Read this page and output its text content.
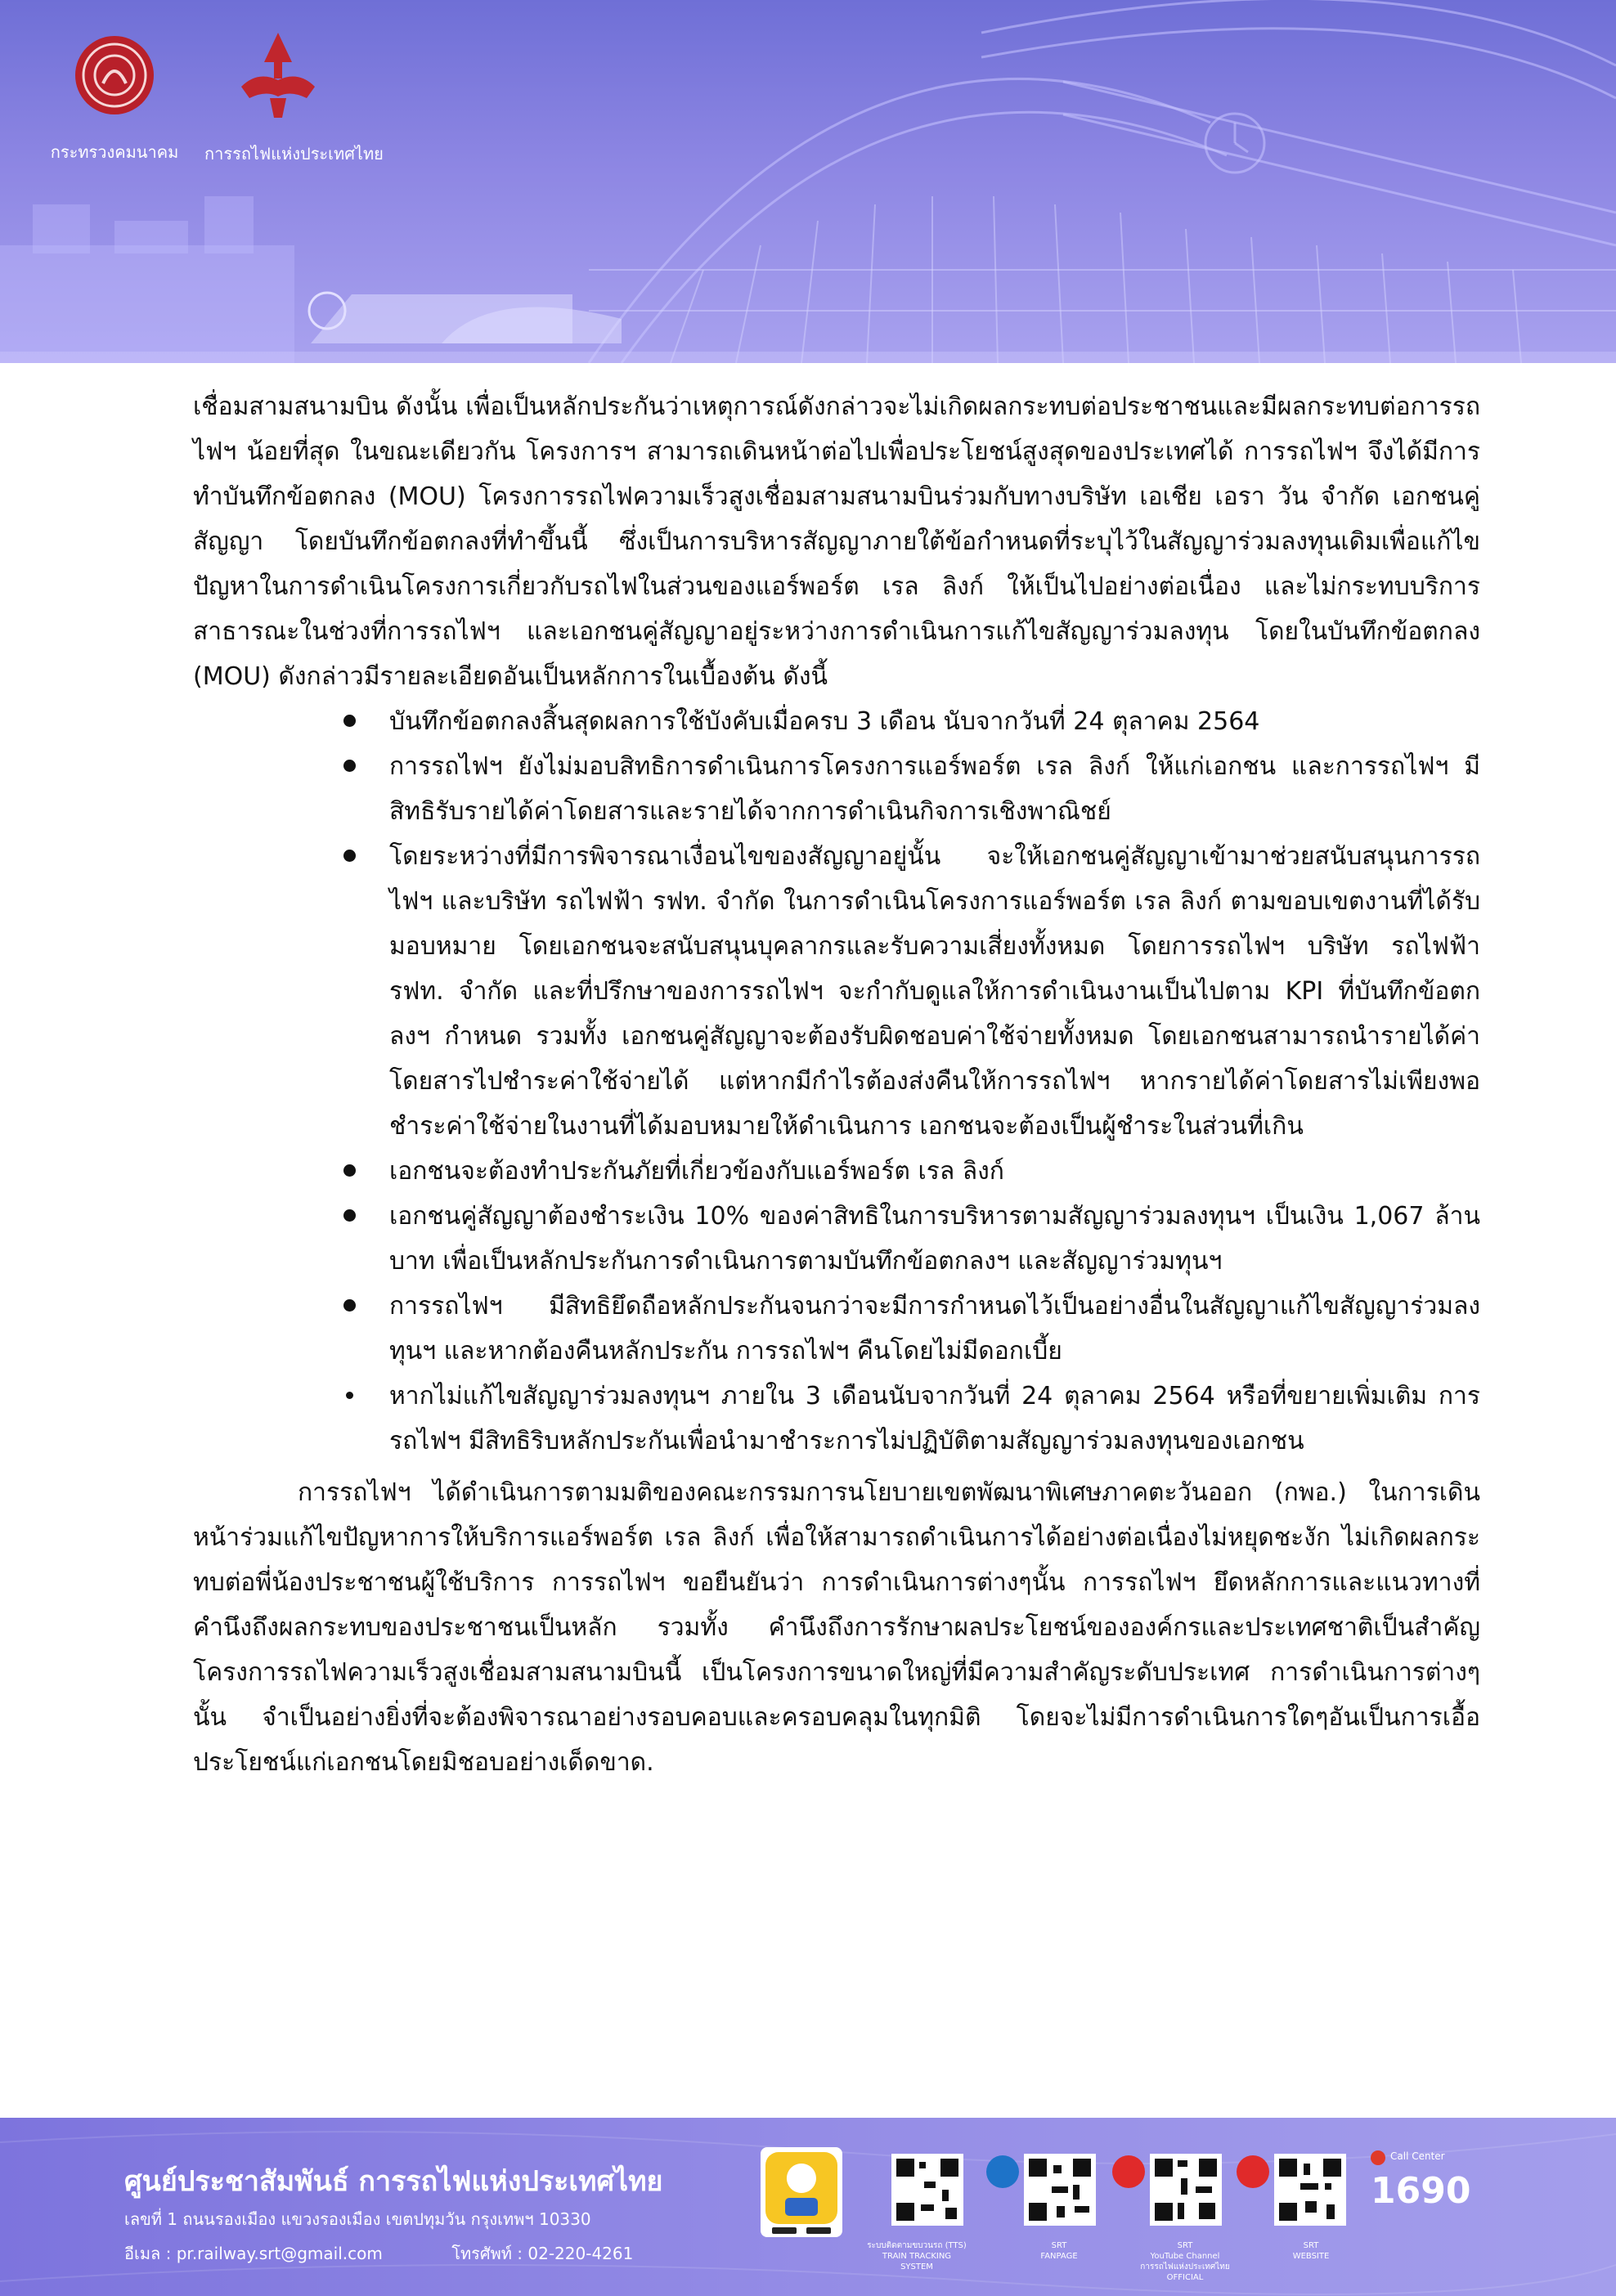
กระทรวงคมนาคม การรถไฟแห่งประเทศไทย

เชื่อมสามสนามบิน ดังนั้น เพื่อเป็นหลักประกันว่าเหตุการณ์ดังกล่าวจะไม่เกิดผลกระทบต่อประชาชนและมีผลกระทบต่อการรถไฟฯ น้อยที่สุด ในขณะเดียวกัน โครงการฯ สามารถเดินหน้าต่อไปเพื่อประโยชน์สูงสุดของประเทศได้ การรถไฟฯ จึงได้มีการทำบันทึกข้อตกลง (MOU) โครงการรถไฟความเร็วสูงเชื่อมสามสนามบินร่วมกับทางบริษัท เอเชีย เอรา วัน จำกัด เอกชนคู่สัญญา โดยบันทึกข้อตกลงที่ทำขึ้นนี้ ซึ่งเป็นการบริหารสัญญาภายใต้ข้อกำหนดที่ระบุไว้ในสัญญาร่วมลงทุนเดิมเพื่อแก้ไขปัญหาในการดำเนินโครงการเกี่ยวกับรถไฟในส่วนของแอร์พอร์ต เรล ลิงก์ ให้เป็นไปอย่างต่อเนื่อง และไม่กระทบบริการสาธารณะในช่วงที่การรถไฟฯ และเอกชนคู่สัญญาอยู่ระหว่างการดำเนินการแก้ไขสัญญาร่วมลงทุน โดยในบันทึกข้อตกลง (MOU) ดังกล่าวมีรายละเอียดอันเป็นหลักการในเบื้องต้น ดังนี้

บันทึกข้อตกลงสิ้นสุดผลการใช้บังคับเมื่อครบ 3 เดือน นับจากวันที่ 24 ตุลาคม 2564
การรถไฟฯ ยังไม่มอบสิทธิการดำเนินการโครงการแอร์พอร์ต เรล ลิงก์ ให้แก่เอกชน และการรถไฟฯ มีสิทธิรับรายได้ค่าโดยสารและรายได้จากการดำเนินกิจการเชิงพาณิชย์
โดยระหว่างที่มีการพิจารณาเงื่อนไขของสัญญาอยู่นั้น จะให้เอกชนคู่สัญญาเข้ามาช่วยสนับสนุนการรถไฟฯ และบริษัท รถไฟฟ้า รฟท. จำกัด ในการดำเนินโครงการแอร์พอร์ต เรล ลิงก์ ตามขอบเขตงานที่ได้รับมอบหมาย โดยเอกชนจะสนับสนุนบุคลากรและรับความเสี่ยงทั้งหมด โดยการรถไฟฯ บริษัท รถไฟฟ้า รฟท. จำกัด และที่ปรึกษาของการรถไฟฯ จะกำกับดูแลให้การดำเนินงานเป็นไปตาม KPI ที่บันทึกข้อตกลงฯ กำหนด รวมทั้ง เอกชนคู่สัญญาจะต้องรับผิดชอบค่าใช้จ่ายทั้งหมด โดยเอกชนสามารถนำรายได้ค่าโดยสารไปชำระค่าใช้จ่ายได้ แต่หากมีกำไรต้องส่งคืนให้การรถไฟฯ หากรายได้ค่าโดยสารไม่เพียงพอชำระค่าใช้จ่ายในงานที่ได้มอบหมายให้ดำเนินการ เอกชนจะต้องเป็นผู้ชำระในส่วนที่เกิน
เอกชนจะต้องทำประกันภัยที่เกี่ยวข้องกับแอร์พอร์ต เรล ลิงก์
เอกชนคู่สัญญาต้องชำระเงิน 10% ของค่าสิทธิในการบริหารตามสัญญาร่วมลงทุนฯ เป็นเงิน 1,067 ล้านบาท เพื่อเป็นหลักประกันการดำเนินการตามบันทึกข้อตกลงฯ และสัญญาร่วมทุนฯ
การรถไฟฯ มีสิทธิยึดถือหลักประกันจนกว่าจะมีการกำหนดไว้เป็นอย่างอื่นในสัญญาแก้ไขสัญญาร่วมลงทุนฯ และหากต้องคืนหลักประกัน การรถไฟฯ คืนโดยไม่มีดอกเบี้ย
หากไม่แก้ไขสัญญาร่วมลงทุนฯ ภายใน 3 เดือนนับจากวันที่ 24 ตุลาคม 2564 หรือที่ขยายเพิ่มเติม การรถไฟฯ มีสิทธิริบหลักประกันเพื่อนำมาชำระการไม่ปฏิบัติตามสัญญาร่วมลงทุนของเอกชน

การรถไฟฯ ได้ดำเนินการตามมติของคณะกรรมการนโยบายเขตพัฒนาพิเศษภาคตะวันออก (กพอ.) ในการเดินหน้าร่วมแก้ไขปัญหาการให้บริการแอร์พอร์ต เรล ลิงก์ เพื่อให้สามารถดำเนินการได้อย่างต่อเนื่องไม่หยุดชะงัก ไม่เกิดผลกระทบต่อพี่น้องประชาชนผู้ใช้บริการ การรถไฟฯ ขอยืนยันว่า การดำเนินการต่างๆนั้น การรถไฟฯ ยึดหลักการและแนวทางที่คำนึงถึงผลกระทบของประชาชนเป็นหลัก รวมทั้ง คำนึงถึงการรักษาผลประโยชน์ขององค์กรและประเทศชาติเป็นสำคัญ โครงการรถไฟความเร็วสูงเชื่อมสามสนามบินนี้ เป็นโครงการขนาดใหญ่ที่มีความสำคัญระดับประเทศ การดำเนินการต่างๆนั้น จำเป็นอย่างยิ่งที่จะต้องพิจารณาอย่างรอบคอบและครอบคลุมในทุกมิติ โดยจะไม่มีการดำเนินการใดๆอันเป็นการเอื้อประโยชน์แก่เอกชนโดยมิชอบอย่างเด็ดขาด.

ศูนย์ประชาสัมพันธ์ การรถไฟแห่งประเทศไทย
เลขที่ 1 ถนนรองเมือง แขวงรองเมือง เขตปทุมวัน กรุงเทพฯ 10330
อีเมล : pr.railway.srt@gmail.com	โทรศัพท์ : 02-220-4261	ระบบติดตามขบวนรถ (TTS)
TRAIN TRACKING
SYSTEM
SRT
FANPAGE
SRT
YouTube Channel
การรถไฟแห่งประเทศไทย
OFFICIAL
SRT
WEBSITE
Call Center
1690
